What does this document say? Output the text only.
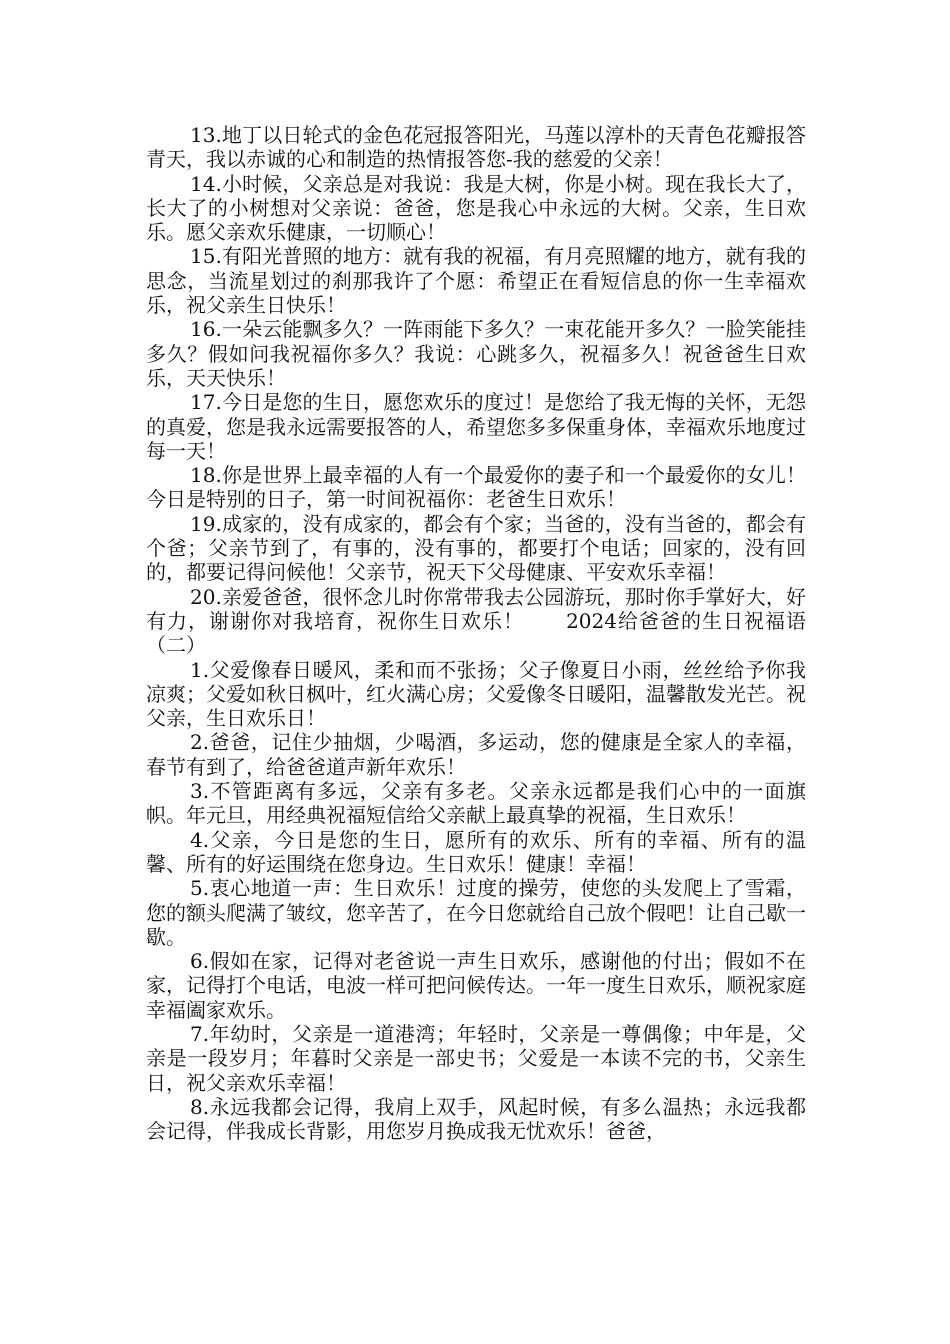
13.地丁以日轮式的金色花冠报答阳光，马莲以淳朴的天青色花瓣报答青天，我以赤诚的心和制造的热情报答您-我的慈爱的父亲！

14.小时候，父亲总是对我说：我是大树，你是小树。现在我长大了，长大了的小树想对父亲说：爸爸，您是我心中永远的大树。父亲，生日欢乐。愿父亲欢乐健康，一切顺心！

15.有阳光普照的地方：就有我的祝福，有月亮照耀的地方，就有我的思念，当流星划过的刹那我许了个愿：希望正在看短信息的你一生幸福欢乐，祝父亲生日快乐！

16.一朵云能飘多久？一阵雨能下多久？一束花能开多久？一脸笑能挂多久？假如问我祝福你多久？我说：心跳多久，祝福多久！祝爸爸生日欢乐，天天快乐！

17.今日是您的生日，愿您欢乐的度过！是您给了我无悔的关怀，无怨的真爱，您是我永远需要报答的人，希望您多多保重身体，幸福欢乐地度过每一天！

18.你是世界上最幸福的人有一个最爱你的妻子和一个最爱你的女儿！今日是特别的日子，第一时间祝福你：老爸生日欢乐！

19.成家的，没有成家的，都会有个家；当爸的，没有当爸的，都会有个爸；父亲节到了，有事的，没有事的，都要打个电话；回家的，没有回的，都要记得问候他！父亲节，祝天下父母健康、平安欢乐幸福！

20.亲爱爸爸，很怀念儿时你常带我去公园游玩，那时你手掌好大，好有力，谢谢你对我培育，祝你生日欢乐！　　2024给爸爸的生日祝福语（二）

1.父爱像春日暖风，柔和而不张扬；父子像夏日小雨，丝丝给予你我凉爽；父爱如秋日枫叶，红火满心房；父爱像冬日暖阳，温馨散发光芒。祝父亲，生日欢乐日！

2.爸爸，记住少抽烟，少喝酒，多运动，您的健康是全家人的幸福，春节有到了，给爸爸道声新年欢乐！

3.不管距离有多远，父亲有多老。父亲永远都是我们心中的一面旗帜。年元旦，用经典祝福短信给父亲献上最真挚的祝福，生日欢乐！

4.父亲，今日是您的生日，愿所有的欢乐、所有的幸福、所有的温馨、所有的好运围绕在您身边。生日欢乐！健康！幸福！

5.衷心地道一声：生日欢乐！过度的操劳，使您的头发爬上了雪霜，您的额头爬满了皱纹，您辛苦了，在今日您就给自己放个假吧！让自己歇一歇。

6.假如在家，记得对老爸说一声生日欢乐，感谢他的付出；假如不在家，记得打个电话，电波一样可把问候传达。一年一度生日欢乐，顺祝家庭幸福阖家欢乐。

7.年幼时，父亲是一道港湾；年轻时，父亲是一尊偶像；中年是，父亲是一段岁月；年暮时父亲是一部史书；父爱是一本读不完的书，父亲生日，祝父亲欢乐幸福！

8.永远我都会记得，我肩上双手，风起时候，有多么温热；永远我都会记得，伴我成长背影，用您岁月换成我无忧欢乐！爸爸，
